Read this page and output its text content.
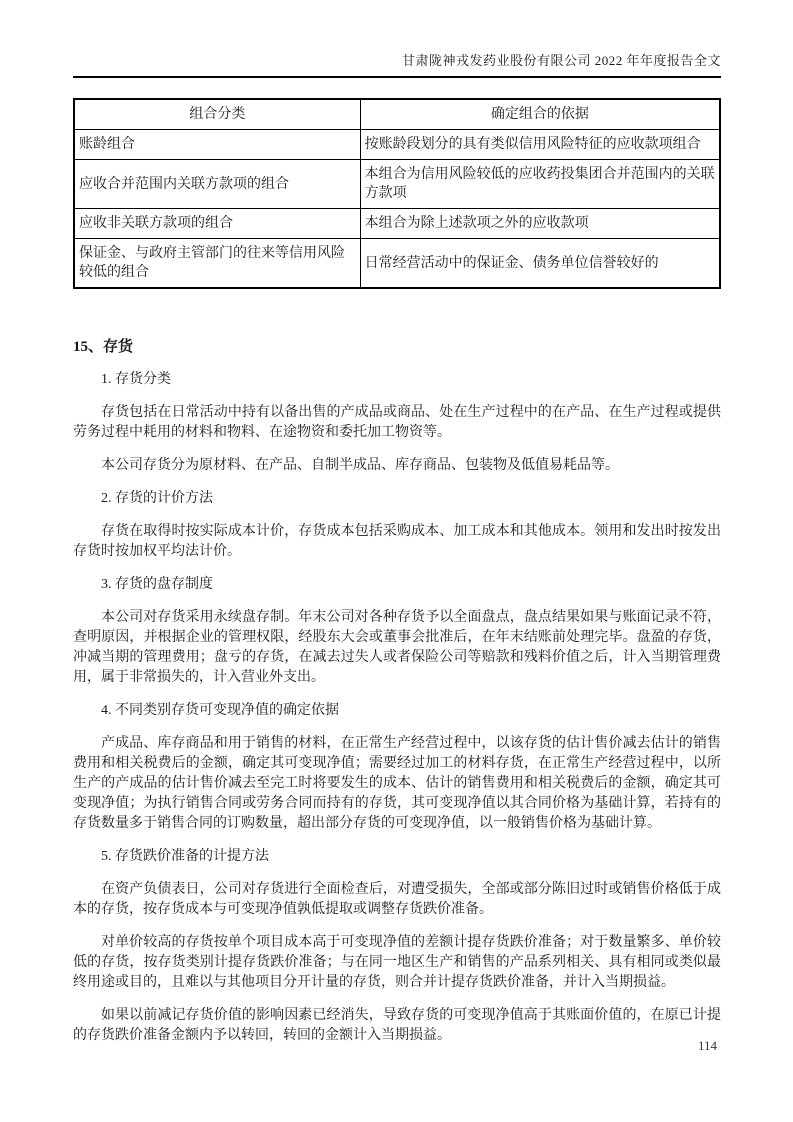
甘肃陇神戎发药业股份有限公司 2022 年年度报告全文
组合分类	确定组合的依据
账龄组合	按账龄段划分的具有类似信用风险特征的应收款项组合
应收合并范围内关联方款项的组合	本组合为信用风险较低的应收药投集团合并范围内的关联方款项
应收非关联方款项的组合	本组合为除上述款项之外的应收款项
保证金、与政府主管部门的往来等信用风险较低的组合	日常经营活动中的保证金、债务单位信誉较好的
15、存货
1. 存货分类

存货包括在日常活动中持有以备出售的产成品或商品、处在生产过程中的在产品、在生产过程或提供劳务过程中耗用的材料和物料、在途物资和委托加工物资等。

本公司存货分为原材料、在产品、自制半成品、库存商品、包装物及低值易耗品等。

2. 存货的计价方法

存货在取得时按实际成本计价，存货成本包括采购成本、加工成本和其他成本。领用和发出时按发出存货时按加权平均法计价。

3. 存货的盘存制度

本公司对存货采用永续盘存制。年末公司对各种存货予以全面盘点，盘点结果如果与账面记录不符，查明原因，并根据企业的管理权限，经股东大会或董事会批准后，在年末结账前处理完毕。盘盈的存货，冲减当期的管理费用；盘亏的存货，在减去过失人或者保险公司等赔款和残料价值之后，计入当期管理费用，属于非常损失的，计入营业外支出。

4. 不同类别存货可变现净值的确定依据

产成品、库存商品和用于销售的材料，在正常生产经营过程中，以该存货的估计售价减去估计的销售费用和相关税费后的金额，确定其可变现净值；需要经过加工的材料存货，在正常生产经营过程中，以所生产的产成品的估计售价减去至完工时将要发生的成本、估计的销售费用和相关税费后的金额，确定其可变现净值；为执行销售合同或劳务合同而持有的存货，其可变现净值以其合同价格为基础计算，若持有的存货数量多于销售合同的订购数量，超出部分存货的可变现净值，以一般销售价格为基础计算。

5. 存货跌价准备的计提方法

在资产负债表日，公司对存货进行全面检查后，对遭受损失，全部或部分陈旧过时或销售价格低于成本的存货，按存货成本与可变现净值孰低提取或调整存货跌价准备。

对单价较高的存货按单个项目成本高于可变现净值的差额计提存货跌价准备；对于数量繁多、单价较低的存货，按存货类别计提存货跌价准备；与在同一地区生产和销售的产品系列相关、具有相同或类似最终用途或目的，且难以与其他项目分开计量的存货，则合并计提存货跌价准备，并计入当期损益。

如果以前减记存货价值的影响因素已经消失，导致存货的可变现净值高于其账面价值的，在原已计提的存货跌价准备金额内予以转回，转回的金额计入当期损益。

114
